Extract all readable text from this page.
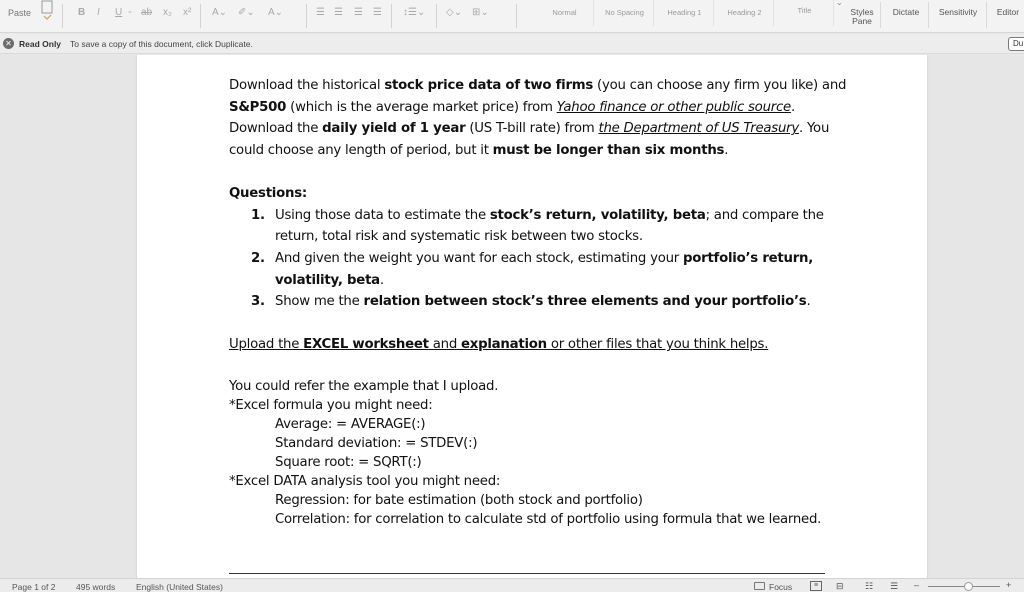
Paste	B I U ⌄ ab x₂ x² A⌄ ✐⌄ A⌄	☰ ☰ ☰ ☰ ↕☰⌄ ◇⌄ ⊞⌄	Normal	No Spacing	Heading 1	Heading 2	Title
⌄
Styles
Pane
Dictate	Sensitivity	Editor
✕ Read Only To save a copy of this document, click Duplicate.	Du

Download the historical stock price data of two firms (you can choose any firm you like) and S&P500 (which is the average market price) from Yahoo finance or other public source.
Download the daily yield of 1 year (US T-bill rate) from the Department of US Treasury. You could choose any length of period, but it must be longer than six months.

Questions:

1. Using those data to estimate the stock’s return, volatility, beta; and compare the return, total risk and systematic risk between two stocks.
2. And given the weight you want for each stock, estimating your portfolio’s return, volatility, beta.
3. Show me the relation between stock’s three elements and your portfolio’s.

Upload the EXCEL worksheet and explanation or other files that you think helps.

You could refer the example that I upload.

*Excel formula you might need:

Average: = AVERAGE(:)

Standard deviation: = STDEV(:)

Square root: = SQRT(:)

*Excel DATA analysis tool you might need:

Regression: for bate estimation (both stock and portfolio)

Correlation: for correlation to calculate std of portfolio using formula that we learned.

Page 1 of 2 495 words English (United States)	Focus	≡	⊟	☷	☰	–	+
